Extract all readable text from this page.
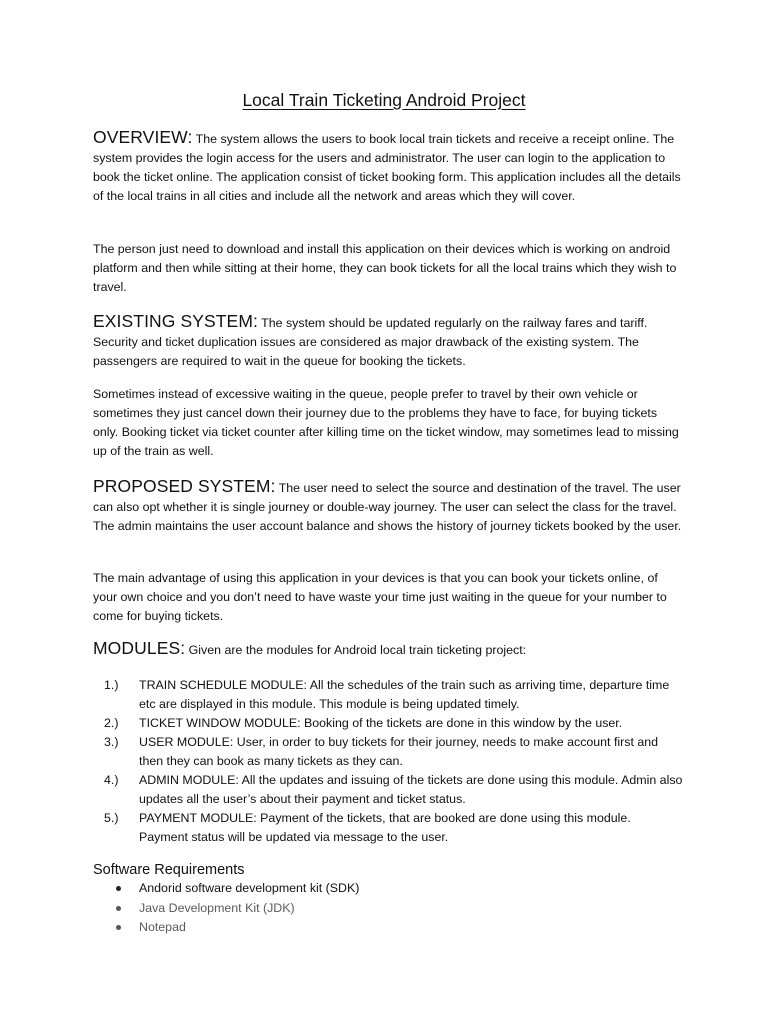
Local Train Ticketing Android Project

OVERVIEW: The system allows the users to book local train tickets and receive a receipt online. The system provides the login access for the users and administrator. The user can login to the application to book the ticket online. The application consist of ticket booking form. This application includes all the details of the local trains in all cities and include all the network and areas which they will cover.

The person just need to download and install this application on their devices which is working on android platform and then while sitting at their home, they can book tickets for all the local trains which they wish to travel.

EXISTING SYSTEM: The system should be updated regularly on the railway fares and tariff. Security and ticket duplication issues are considered as major drawback of the existing system. The passengers are required to wait in the queue for booking the tickets.

Sometimes instead of excessive waiting in the queue, people prefer to travel by their own vehicle or sometimes they just cancel down their journey due to the problems they have to face, for buying tickets only. Booking ticket via ticket counter after killing time on the ticket window, may sometimes lead to missing up of the train as well.

PROPOSED SYSTEM: The user need to select the source and destination of the travel. The user can also opt whether it is single journey or double-way journey. The user can select the class for the travel. The admin maintains the user account balance and shows the history of journey tickets booked by the user.

The main advantage of using this application in your devices is that you can book your tickets online, of your own choice and you don’t need to have waste your time just waiting in the queue for your number to come for buying tickets.

MODULES: Given are the modules for Android local train ticketing project:

1.) TRAIN SCHEDULE MODULE: All the schedules of the train such as arriving time, departure time etc are displayed in this module. This module is being updated timely.
2.) TICKET WINDOW MODULE: Booking of the tickets are done in this window by the user.
3.) USER MODULE: User, in order to buy tickets for their journey, needs to make account first and then they can book as many tickets as they can.
4.) ADMIN MODULE: All the updates and issuing of the tickets are done using this module. Admin also updates all the user’s about their payment and ticket status.
5.) PAYMENT MODULE: Payment of the tickets, that are booked are done using this module. Payment status will be updated via message to the user.
Software Requirements
Andorid software development kit (SDK)
Java Development Kit (JDK)
Notepad
